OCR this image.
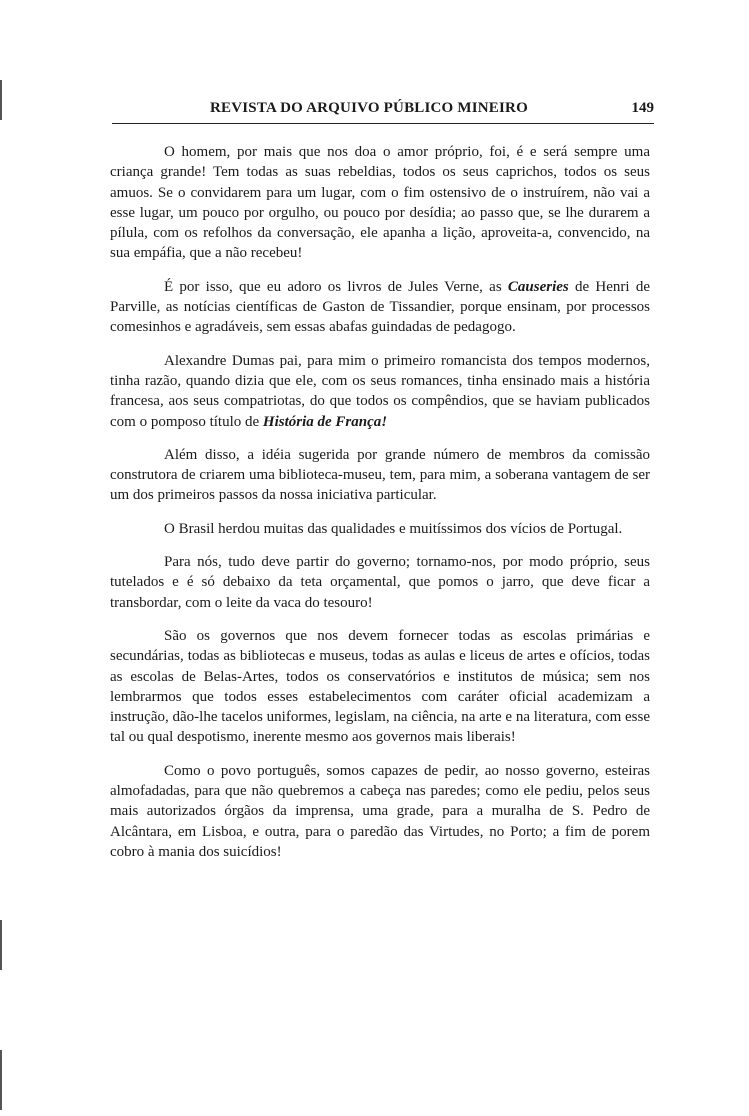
REVISTA DO ARQUIVO PÚBLICO MINEIRO	149

O homem, por mais que nos doa o amor próprio, foi, é e será sempre uma criança grande! Tem todas as suas rebeldias, todos os seus caprichos, todos os seus amuos. Se o convidarem para um lugar, com o fim ostensivo de o instruírem, não vai a esse lugar, um pouco por orgulho, ou pouco por desídia; ao passo que, se lhe durarem a pílula, com os refolhos da conversação, ele apanha a lição, aproveita-a, convencido, na sua empáfia, que a não recebeu!

É por isso, que eu adoro os livros de Jules Verne, as Causeries de Henri de Parville, as notícias científicas de Gaston de Tissandier, porque ensinam, por processos comesinhos e agradáveis, sem essas abafas guindadas de pedagogo.

Alexandre Dumas pai, para mim o primeiro romancista dos tempos modernos, tinha razão, quando dizia que ele, com os seus romances, tinha ensinado mais a história francesa, aos seus compatriotas, do que todos os compêndios, que se haviam publicados com o pomposo título de História de França!

Além disso, a idéia sugerida por grande número de membros da comissão construtora de criarem uma biblioteca-museu, tem, para mim, a soberana vantagem de ser um dos primeiros passos da nossa iniciativa particular.

O Brasil herdou muitas das qualidades e muitíssimos dos vícios de Portugal.

Para nós, tudo deve partir do governo; tornamo-nos, por modo próprio, seus tutelados e é só debaixo da teta orçamental, que pomos o jarro, que deve ficar a transbordar, com o leite da vaca do tesouro!

São os governos que nos devem fornecer todas as escolas primárias e secundárias, todas as bibliotecas e museus, todas as aulas e liceus de artes e ofícios, todas as escolas de Belas-Artes, todos os conservatórios e institutos de música; sem nos lembrarmos que todos esses estabelecimentos com caráter oficial academizam a instrução, dão-lhe tacelos uniformes, legislam, na ciência, na arte e na literatura, com esse tal ou qual despotismo, inerente mesmo aos governos mais liberais!

Como o povo português, somos capazes de pedir, ao nosso governo, esteiras almofadadas, para que não quebremos a cabeça nas paredes; como ele pediu, pelos seus mais autorizados órgãos da imprensa, uma grade, para a muralha de S. Pedro de Alcântara, em Lisboa, e outra, para o paredão das Virtudes, no Porto; a fim de porem cobro à mania dos suicídios!
